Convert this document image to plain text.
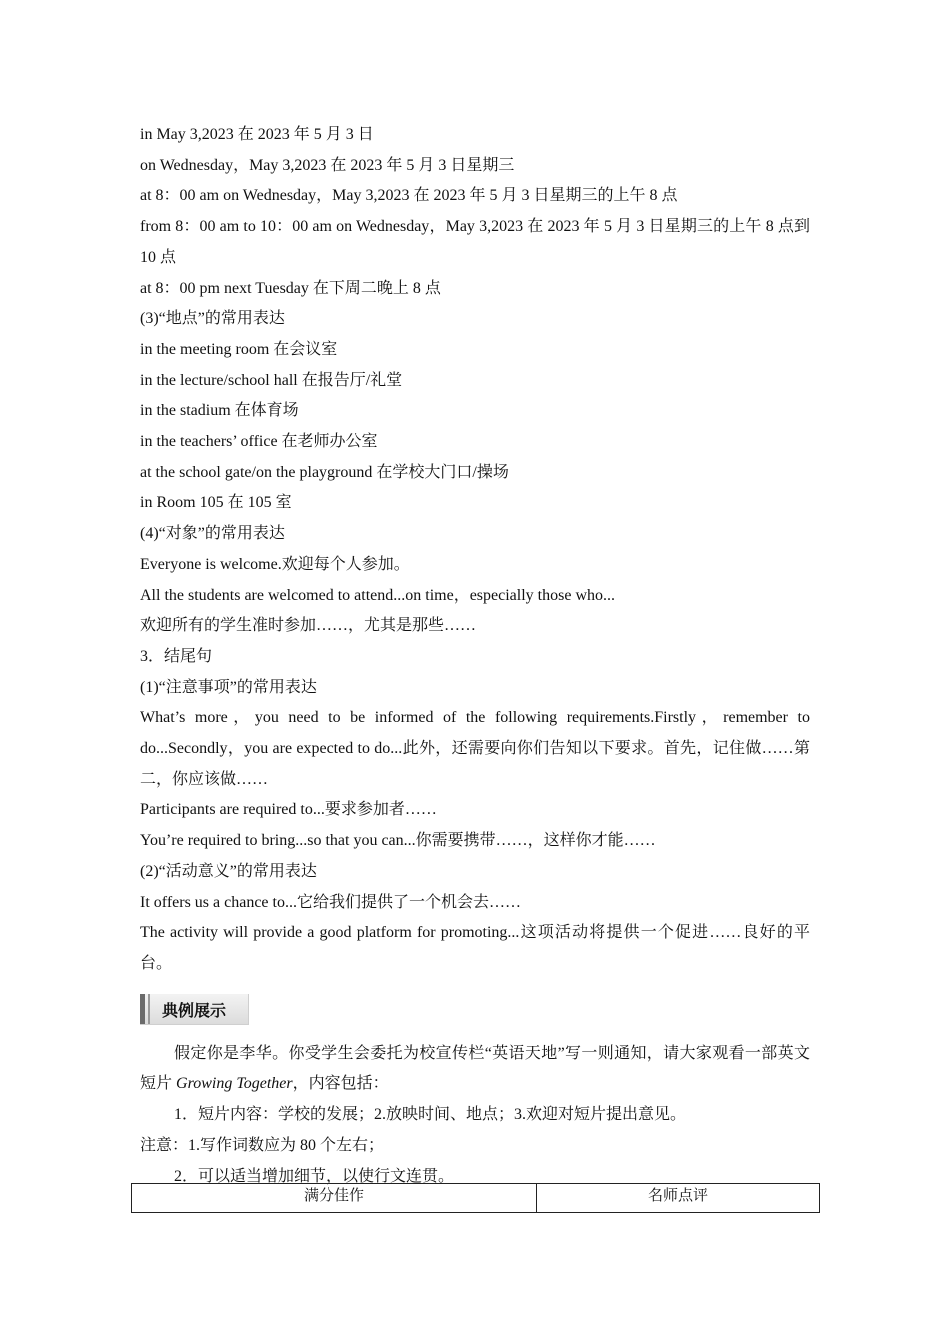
in May 3,2023 在 2023 年 5 月 3 日
on Wednesday，May 3,2023 在 2023 年 5 月 3 日星期三
at 8：00 am on Wednesday，May 3,2023 在 2023 年 5 月 3 日星期三的上午 8 点
from 8：00 am to 10：00 am on Wednesday，May 3,2023 在 2023 年 5 月 3 日星期三的上午 8 点到 10 点
at 8：00 pm next Tuesday 在下周二晚上 8 点
(3)“地点”的常用表达
in the meeting room 在会议室
in the lecture/school hall 在报告厅/礼堂
in the stadium 在体育场
in the teachers’ office 在老师办公室
at the school gate/on the playground 在学校大门口/操场
in Room 105 在 105 室
(4)“对象”的常用表达
Everyone is welcome.欢迎每个人参加。
All the students are welcomed to attend...on time，especially those who...
欢迎所有的学生准时参加……，尤其是那些……
3．结尾句
(1)“注意事项”的常用表达
What’s more，you need to be informed of the following requirements.Firstly，remember to do...Secondly，you are expected to do...此外，还需要向你们告知以下要求。首先，记住做……第二，你应该做……
Participants are required to...要求参加者……
You’re required to bring...so that you can...你需要携带……，这样你才能……
(2)“活动意义”的常用表达
It offers us a chance to...它给我们提供了一个机会去……
The activity will provide a good platform for promoting...这项活动将提供一个促进……良好的平台。
典例展示
假定你是李华。你受学生会委托为校宣传栏“英语天地”写一则通知，请大家观看一部英文短片 Growing Together，内容包括：
1．短片内容：学校的发展；2.放映时间、地点；3.欢迎对短片提出意见。
注意：1.写作词数应为 80 个左右；
2．可以适当增加细节，以使行文连贯。
满分佳作	名师点评
